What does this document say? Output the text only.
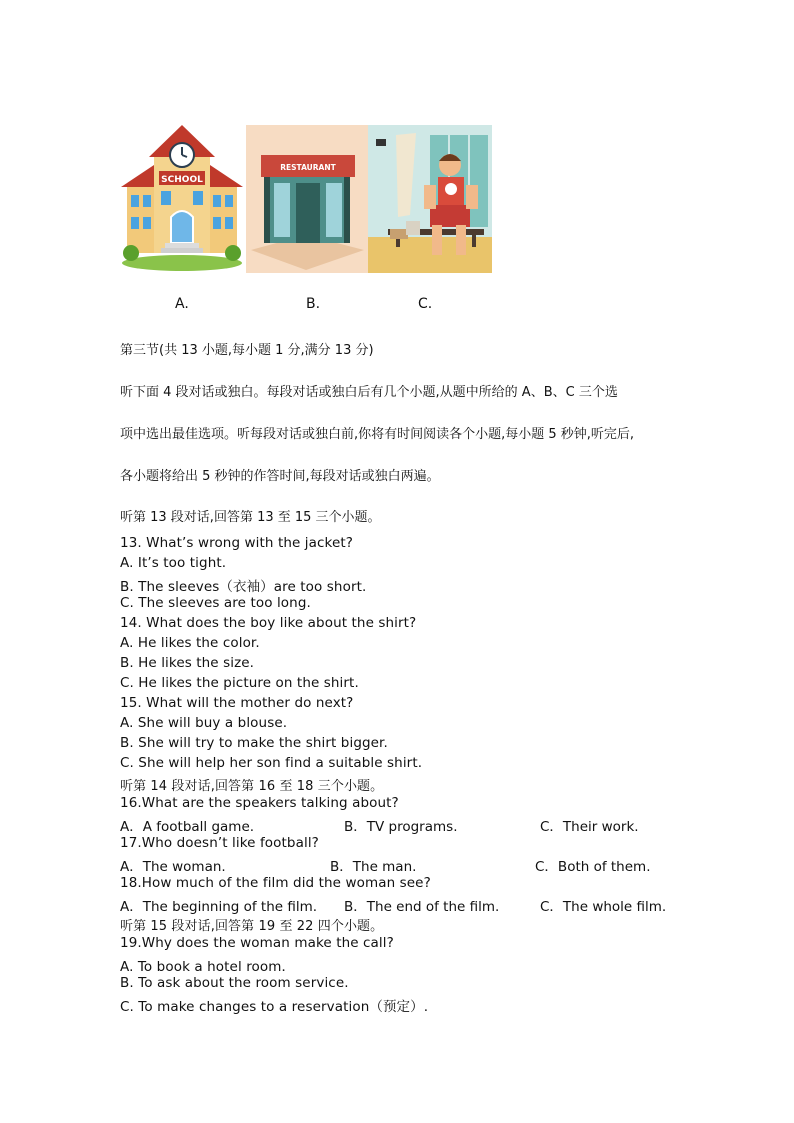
SCHOOL
RESTAURANT
A.	B.	C.
第三节(共 13 小题,每小题 1 分,满分 13 分)
听下面 4 段对话或独白。每段对话或独白后有几个小题,从题中所给的 A、B、C 三个选
项中选出最佳选项。听每段对话或独白前,你将有时间阅读各个小题,每小题 5 秒钟,听完后,
各小题将给出 5 秒钟的作答时间,每段对话或独白两遍。
听第 13 段对话,回答第 13 至 15 三个小题。
13. What’s wrong with the jacket?
A. It’s too tight.
B. The sleeves（衣袖）are too short.
C. The sleeves are too long.
14. What does the boy like about the shirt?
A. He likes the color.
B. He likes the size.
C. He likes the picture on the shirt.
15. What will the mother do next?
A. She will buy a blouse.
B. She will try to make the shirt bigger.
C. She will help her son find a suitable shirt.
听第 14 段对话,回答第 16 至 18 三个小题。
16.What are the speakers talking about?
A．A football game.	B．TV programs.	C．Their work.
17.Who doesn’t like football?
A．The woman.	B．The man.	C．Both of them.
18.How much of the film did the woman see?
A．The beginning of the film. B．The end of the film.	C．The whole film.
听第 15 段对话,回答第 19 至 22 四个小题。
19.Why does the woman make the call?
A. To book a hotel room．
B. To ask about the room service.
C. To make changes to a reservation（预定）.
